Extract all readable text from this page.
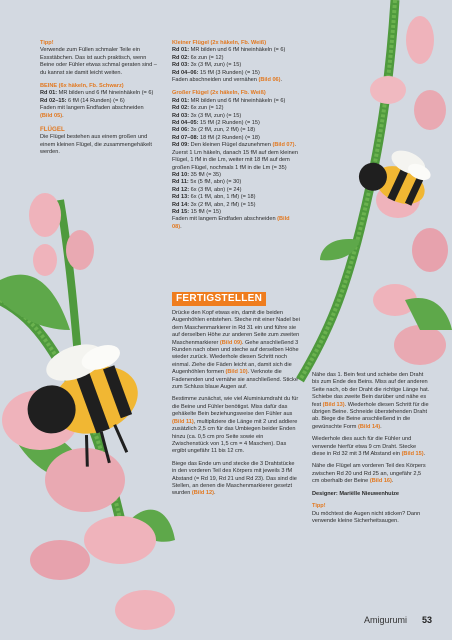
Tipp!
Verwende zum Füllen schmaler Teile ein Essstäbchen. Das ist auch praktisch, wenn Beine oder Fühler etwas schmal geraten sind – du kannst sie damit leicht weiten.

BEINE (6x häkeln, Fb. Schwarz)
Rd 01: MR bilden und 6 fM hineinhäkeln (= 6)
Rd 02–15: 6 fM (14 Runden) (= 6)
Faden mit langem Endfaden abschneiden
(Bild 05).

FLÜGEL
Die Flügel bestehen aus einem großen und einem kleinen Flügel, die zusammengehäkelt werden.

Kleiner Flügel (2x häkeln, Fb. Weiß)
Rd 01: MR bilden und 6 fM hineinhäkeln (= 6)
Rd 02: 6x zun (= 12)
Rd 03: 3x (3 fM, zun) (= 15)
Rd 04–06: 15 fM (3 Runden) (= 15)
Faden abschneiden und vernähen (Bild 06).

Großer Flügel (2x häkeln, Fb. Weiß)
Rd 01: MR bilden und 6 fM hineinhäkeln (= 6)
Rd 02: 6x zun (= 12)
Rd 03: 3x (3 fM, zun) (= 15)
Rd 04–05: 15 fM (2 Runden) (= 15)
Rd 06: 3x (2 fM, zun, 2 fM) (= 18)
Rd 07–08: 18 fM (2 Runden) (= 18)
Rd 09: Den kleinen Flügel dazunehmen (Bild 07). Zuerst 1 Lm häkeln, danach 15 fM auf dem kleinen Flügel, 1 fM in die Lm, weiter mit 18 fM auf dem großen Flügel, nochmals 1 fM in die Lm (= 35)
Rd 10: 35 fM (= 35)
Rd 11: 5x (5 fM, abn) (= 30)
Rd 12: 6x (3 fM, abn) (= 24)
Rd 13: 6x (1 fM, abn, 1 fM) (= 18)
Rd 14: 3x (2 fM, abn, 2 fM) (= 15)
Rd 15: 15 fM (= 15)
Faden mit langem Endfaden abschneiden (Bild 08).

FERTIGSTELLEN

Drücke den Kopf etwas ein, damit die beiden Augenhöhlen entstehen. Steche mit einer Nadel bei dem Maschenmarkierer in Rd 31 ein und führe sie auf derselben Höhe zur anderen Seite zum zweiten Maschenmarkierer (Bild 09). Gehe anschließend 3 Runden nach oben und steche auf derselben Höhe wieder zurück. Wiederhole diesen Schritt noch einmal. Ziehe die Fäden leicht an, damit sich die Augenhöhlen formen (Bild 10). Verknote die Fadenenden und vernähe sie anschließend. Sticke zum Schluss blaue Augen auf.

Bestimme zunächst, wie viel Aluminiumdraht du für die Beine und Fühler benötigst. Miss dafür das gehäkelte Bein beziehungsweise den Fühler aus (Bild 11), multipliziere die Länge mit 2 und addiere zusätzlich 2,5 cm für das Umbiegen beider Enden hinzu (ca. 0,5 cm pro Seite sowie ein Zwischenstück von 1,5 cm = 4 Maschen). Das ergibt ungefähr 11 bis 12 cm.

Biege das Ende um und stecke die 3 Drahtstücke in den vorderen Teil des Körpers mit jeweils 3 fM Abstand (= Rd 19, Rd 21 und Rd 23). Das sind die Stellen, an denen die Maschenmarkierer gesetzt wurden (Bild 12).

Nähe das 1. Bein fest und schiebe den Draht bis zum Ende des Beins. Miss auf der anderen Seite nach, ob der Draht die richtige Länge hat. Schiebe das zweite Bein darüber und nähe es fest (Bild 13). Wiederhole diesen Schritt für die übrigen Beine. Schneide überstehenden Draht ab. Biege die Beine anschließend in die gewünschte Form (Bild 14).

Wiederhole dies auch für die Fühler und verwende hierfür etwa 9 cm Draht. Stecke diese in Rd 32 mit 3 fM Abstand ein (Bild 15).

Nähe die Flügel am vorderen Teil des Körpers zwischen Rd 20 und Rd 25 an, ungefähr 2,5 cm oberhalb der Beine (Bild 16).

Designer: Mariëlle Nieuwenhuize

Tipp!
Du möchtest die Augen nicht sticken? Dann verwende kleine Sicherheitsaugen.

Amigurumi 53
